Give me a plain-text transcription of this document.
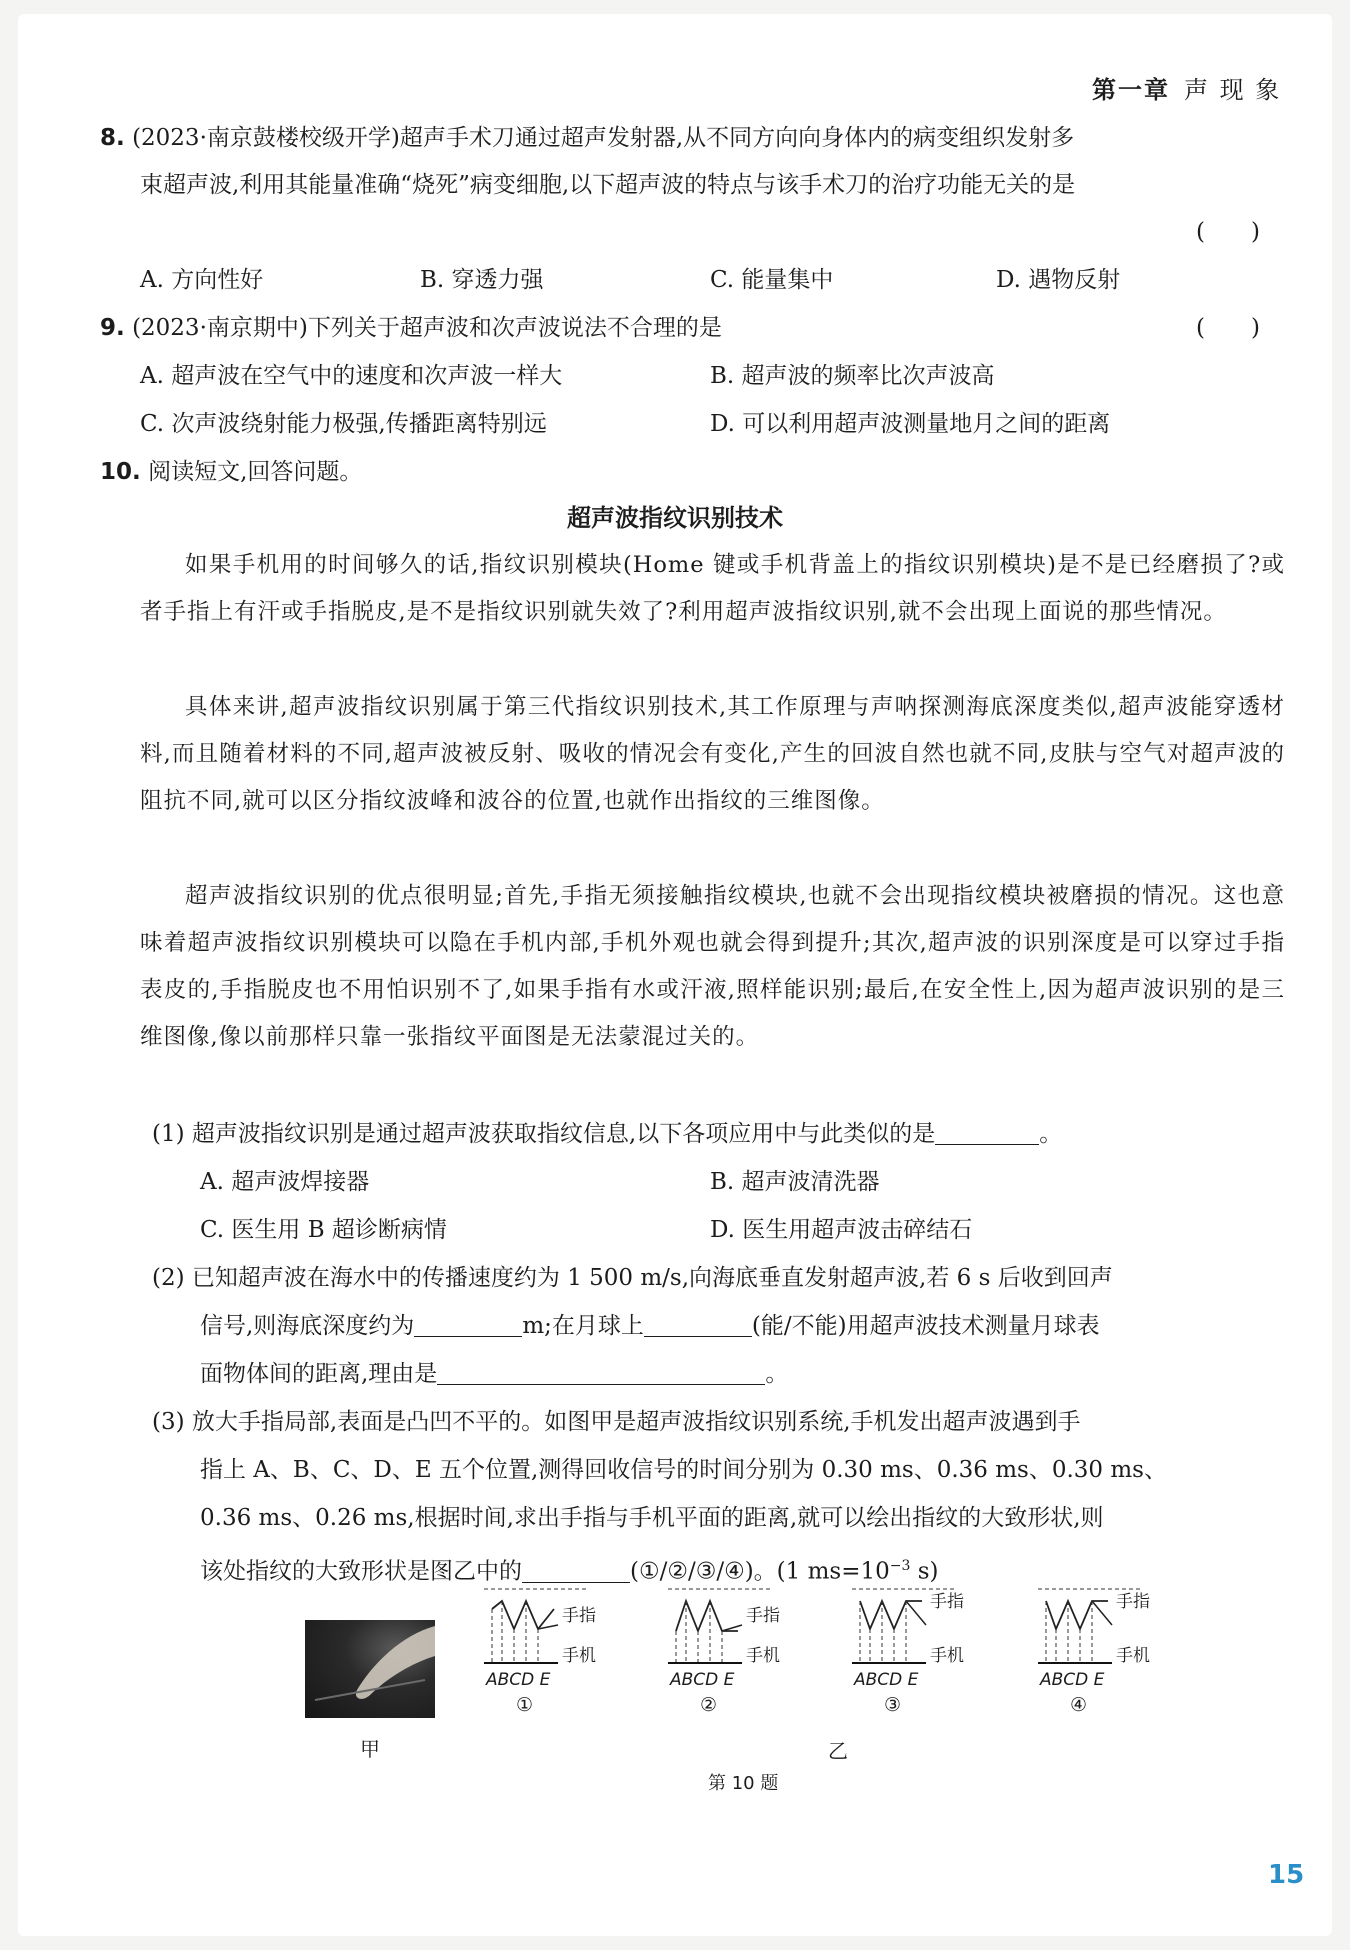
第一章 声 现 象
8. (2023·南京鼓楼校级开学)超声手术刀通过超声发射器,从不同方向向身体内的病变组织发射多
束超声波,利用其能量准确“烧死”病变细胞,以下超声波的特点与该手术刀的治疗功能无关的是
(　　)
A. 方向性好	B. 穿透力强	C. 能量集中	D. 遇物反射
9. (2023·南京期中)下列关于超声波和次声波说法不合理的是	(　　)
A. 超声波在空气中的速度和次声波一样大	B. 超声波的频率比次声波高
C. 次声波绕射能力极强,传播距离特别远	D. 可以利用超声波测量地月之间的距离
10. 阅读短文,回答问题。
超声波指纹识别技术
如果手机用的时间够久的话,指纹识别模块(Home 键或手机背盖上的指纹识别模块)是不是已经磨损了?或者手指上有汗或手指脱皮,是不是指纹识别就失效了?利用超声波指纹识别,就不会出现上面说的那些情况。
具体来讲,超声波指纹识别属于第三代指纹识别技术,其工作原理与声呐探测海底深度类似,超声波能穿透材料,而且随着材料的不同,超声波被反射、吸收的情况会有变化,产生的回波自然也就不同,皮肤与空气对超声波的阻抗不同,就可以区分指纹波峰和波谷的位置,也就作出指纹的三维图像。
超声波指纹识别的优点很明显;首先,手指无须接触指纹模块,也就不会出现指纹模块被磨损的情况。这也意味着超声波指纹识别模块可以隐在手机内部,手机外观也就会得到提升;其次,超声波的识别深度是可以穿过手指表皮的,手指脱皮也不用怕识别不了,如果手指有水或汗液,照样能识别;最后,在安全性上,因为超声波识别的是三维图像,像以前那样只靠一张指纹平面图是无法蒙混过关的。
(1) 超声波指纹识别是通过超声波获取指纹信息,以下各项应用中与此类似的是	。
A. 超声波焊接器	B. 超声波清洗器
C. 医生用 B 超诊断病情	D. 医生用超声波击碎结石
(2) 已知超声波在海水中的传播速度约为 1 500 m/s,向海底垂直发射超声波,若 6 s 后收到回声
信号,则海底深度约为	m;在月球上	(能/不能)用超声波技术测量月球表
面物体间的距离,理由是	。
(3) 放大手指局部,表面是凸凹不平的。如图甲是超声波指纹识别系统,手机发出超声波遇到手
指上 A、B、C、D、E 五个位置,测得回收信号的时间分别为 0.30 ms、0.36 ms、0.30 ms、
0.36 ms、0.26 ms,根据时间,求出手指与手机平面的距离,就可以绘出指纹的大致形状,则
该处指纹的大致形状是图乙中的	(①/②/③/④)。(1 $ms=10^{-3}$ s)
甲
手指
手机
ABCD E
①
手指
手机
ABCD E
②
手指
手机
ABCD E
③
手指
手机
ABCD E
④
乙
第 10 题
15
